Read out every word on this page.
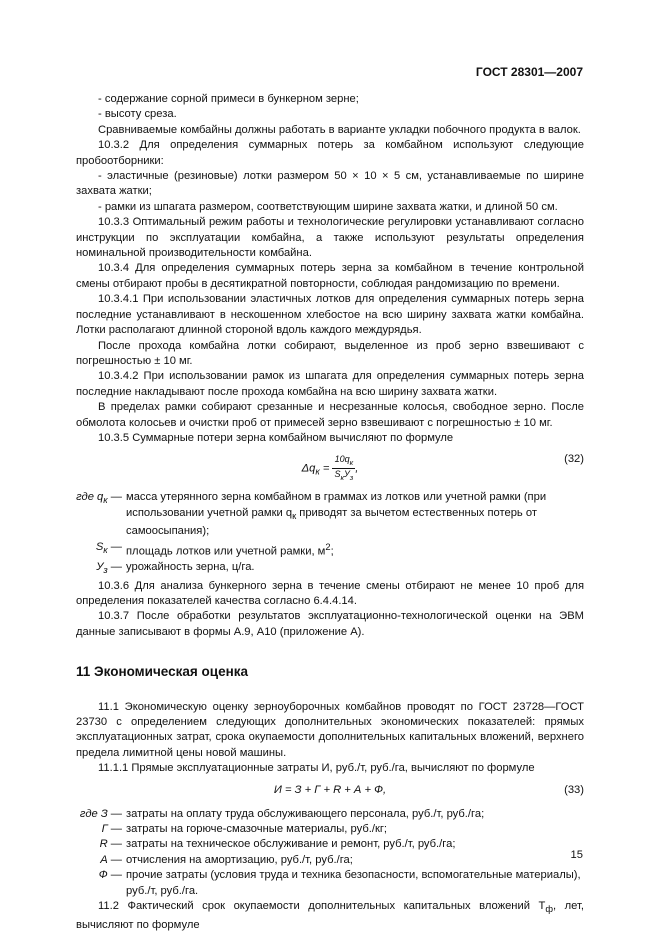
ГОСТ 28301—2007

- содержание сорной примеси в бункерном зерне;

- высоту среза.

Сравниваемые комбайны должны работать в варианте укладки побочного продукта в валок.

10.3.2 Для определения суммарных потерь за комбайном используют следующие пробоотборники:

- эластичные (резиновые) лотки размером 50 × 10 × 5 см, устанавливаемые по ширине захвата жатки;

- рамки из шпагата размером, соответствующим ширине захвата жатки, и длиной 50 см.

10.3.3 Оптимальный режим работы и технологические регулировки устанавливают согласно инструкции по эксплуатации комбайна, а также используют результаты определения номинальной производительности комбайна.

10.3.4 Для определения суммарных потерь зерна за комбайном в течение контрольной смены отбирают пробы в десятикратной повторности, соблюдая рандомизацию по времени.

10.3.4.1 При использовании эластичных лотков для определения суммарных потерь зерна последние устанавливают в нескошенном хлебостое на всю ширину захвата жатки комбайна. Лотки располагают длинной стороной вдоль каждого междурядья.

После прохода комбайна лотки собирают, выделенное из проб зерно взвешивают с погрешностью ± 10 мг.

10.3.4.2 При использовании рамок из шпагата для определения суммарных потерь зерна последние накладывают после прохода комбайна на всю ширину захвата жатки.

В пределах рамки собирают срезанные и несрезанные колосья, свободное зерно. После обмолота колосьев и очистки проб от примесей зерно взвешивают с погрешностью ± 10 мг.

10.3.5 Суммарные потери зерна комбайном вычисляют по формуле

$\Delta q_к = \frac{10q_к}{S_кУ_з}$ ,
(32)
где $q_к$ — масса утерянного зерна комбайном в граммах из лотков или учетной рамки (при использовании учетной рамки $q_к$ приводят за вычетом естественных потерь от самоосыпания);
$S_к$ — площадь лотков или учетной рамки, $м^2$;
$У_з$ — урожайность зерна, ц/га.

10.3.6 Для анализа бункерного зерна в течение смены отбирают не менее 10 проб для определения показателей качества согласно 6.4.4.14.

10.3.7 После обработки результатов эксплуатационно-технологической оценки на ЭВМ данные записывают в формы А.9, А10 (приложение А).

11 Экономическая оценка

11.1 Экономическую оценку зерноуборочных комбайнов проводят по ГОСТ 23728—ГОСТ 23730 с определением следующих дополнительных экономических показателей: прямых эксплуатационных затрат, срока окупаемости дополнительных капитальных вложений, верхнего предела лимитной цены новой машины.

11.1.1 Прямые эксплуатационные затраты И, руб./т, руб./га, вычисляют по формуле

И = З + Г + R + А + Ф,	(33)
где З — затраты на оплату труда обслуживающего персонала, руб./т, руб./га;
Г — затраты на горюче-смазочные материалы, руб./кг;
R — затраты на техническое обслуживание и ремонт, руб./т, руб./га;
А — отчисления на амортизацию, руб./т, руб./га;
Ф — прочие затраты (условия труда и техника безопасности, вспомогательные материалы), руб./т, руб./га.

11.2 Фактический срок окупаемости дополнительных капитальных вложений $Т_ф$, лет, вычисляют по формуле

15
